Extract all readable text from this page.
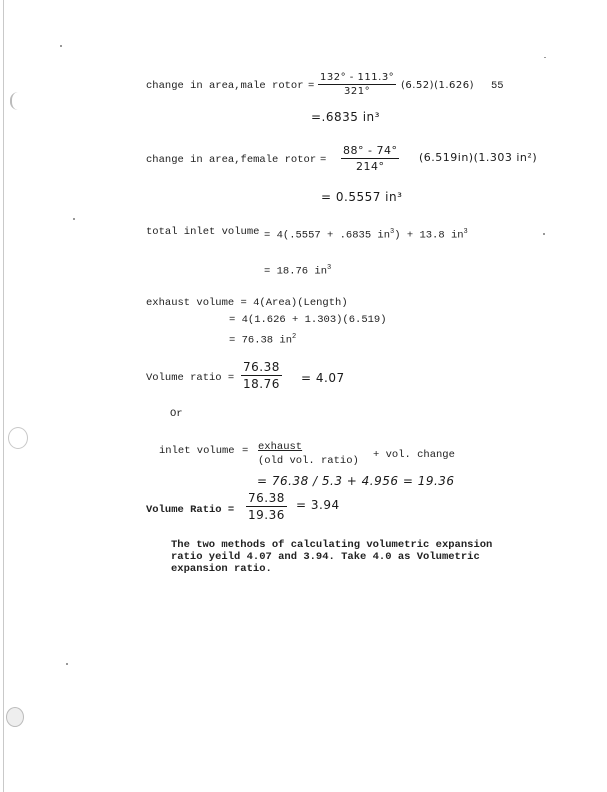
change in area,male rotor = $\frac{132^\circ - 111.3^\circ}{321^\circ} (6.52)(1.626)$ 55
=.6835 in³
change in area,female rotor = $\frac{88^\circ - 74^\circ}{214^\circ} (6.519in)(1.303$ in²)
= 0.5557 in³
total inlet volume = 4(.5557 + .6835 $in^3) + 13.8$ $in^3$
= 18.76 $in^3$
exhaust volume = 4(Area)(Length)
= 4(1.626 + 1.303)(6.519)
= 76.38 $in^2$
Volume ratio = $\frac{76.38}{18.76} = 4.07$
Or
inlet volume = exhaust
(old vol. ratio) + vol. change
= 76.38 / 5.3 + 4.956 = 19.36
Volume Ratio = $\frac{76.38}{19.36} = 3.94$
The two methods of calculating volumetric expansion
ratio yeild 4.07 and 3.94. Take 4.0 as Volumetric
expansion ratio.
